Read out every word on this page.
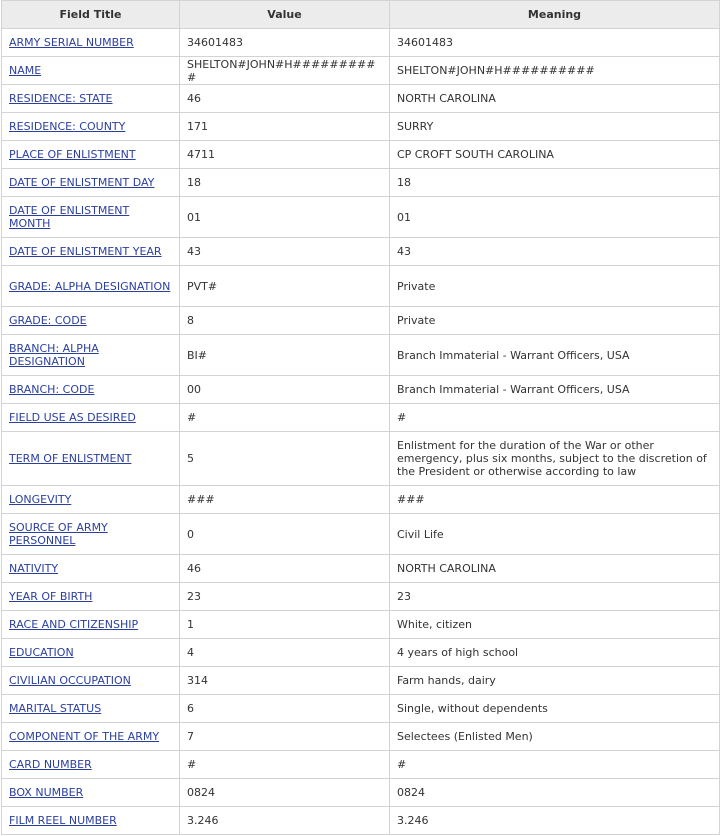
Field Title	Value	Meaning
ARMY SERIAL NUMBER	34601483	34601483
NAME	SHELTON#JOHN#H##########	SHELTON#JOHN#H##########
RESIDENCE: STATE	46	NORTH CAROLINA
RESIDENCE: COUNTY	171	SURRY
PLACE OF ENLISTMENT	4711	CP CROFT SOUTH CAROLINA
DATE OF ENLISTMENT DAY	18	18
DATE OF ENLISTMENT MONTH	01	01
DATE OF ENLISTMENT YEAR	43	43
GRADE: ALPHA DESIGNATION	PVT#	Private
GRADE: CODE	8	Private
BRANCH: ALPHA DESIGNATION	BI#	Branch Immaterial - Warrant Officers, USA
BRANCH: CODE	00	Branch Immaterial - Warrant Officers, USA
FIELD USE AS DESIRED	#	#
TERM OF ENLISTMENT	5	Enlistment for the duration of the War or other emergency, plus six months, subject to the discretion of the President or otherwise according to law
LONGEVITY	###	###
SOURCE OF ARMY PERSONNEL	0	Civil Life
NATIVITY	46	NORTH CAROLINA
YEAR OF BIRTH	23	23
RACE AND CITIZENSHIP	1	White, citizen
EDUCATION	4	4 years of high school
CIVILIAN OCCUPATION	314	Farm hands, dairy
MARITAL STATUS	6	Single, without dependents
COMPONENT OF THE ARMY	7	Selectees (Enlisted Men)
CARD NUMBER	#	#
BOX NUMBER	0824	0824
FILM REEL NUMBER	3.246	3.246
